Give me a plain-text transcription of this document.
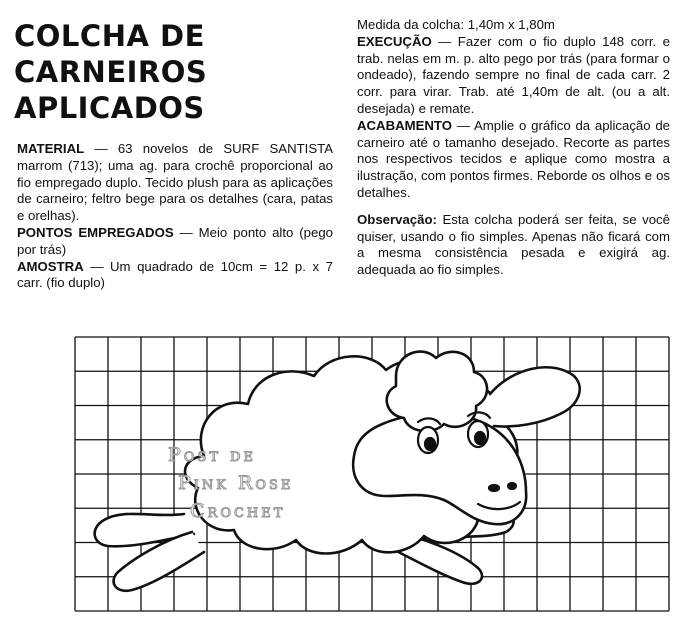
COLCHA DE
CARNEIROS
APLICADOS

MATERIAL — 63 novelos de SURF SANTISTA marrom (713); uma ag. para crochê proporcional ao fio empregado duplo. Tecido plush para as aplicações de carneiro; feltro bege para os detalhes (cara, patas e orelhas).

PONTOS EMPREGADOS — Meio ponto alto (pego por trás)

AMOSTRA — Um quadrado de 10cm = 12 p. x 7 carr. (fio duplo)

Medida da colcha: 1,40m x 1,80m

EXECUÇÃO — Fazer com o fio duplo 148 corr. e trab. nelas em m. p. alto pego por trás (para formar o ondeado), fazendo sempre no final de cada carr. 2 corr. para virar. Trab. até 1,40m de alt. (ou a alt. desejada) e remate.

ACABAMENTO — Amplie o gráfico da aplicação de carneiro até o tamanho desejado. Recorte as partes nos respectivos tecidos e aplique como mostra a ilustração, com pontos firmes. Reborde os olhos e os detalhes.

Observação: Esta colcha poderá ser feita, se você quiser, usando o fio simples. Apenas não ficará com a mesma consistência pesada e exigirá ag. adequada ao fio simples.

Post de
Pink Rose
Crochet
